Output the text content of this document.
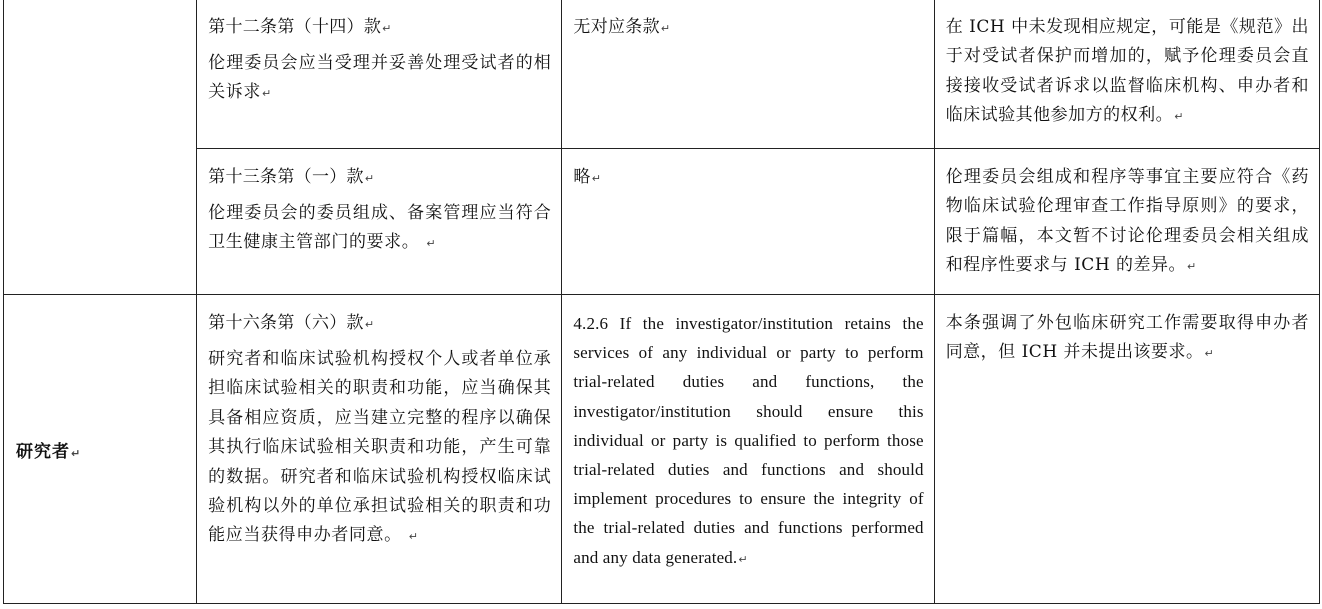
	第十二条第（十四）款↵

伦理委员会应当受理并妥善处理受试者的相关诉求↵	无对应条款↵	在 ICH 中未发现相应规定，可能是《规范》出于对受试者保护而增加的，赋予伦理委员会直接接收受试者诉求以监督临床机构、申办者和临床试验其他参加方的权利。↵

	第十三条第（一）款↵

伦理委员会的委员组成、备案管理应当符合卫生健康主管部门的要求。 ↵	略↵	伦理委员会组成和程序等事宜主要应符合《药物临床试验伦理审查工作指导原则》的要求，限于篇幅，本文暂不讨论伦理委员会相关组成和程序性要求与 ICH 的差异。↵

研究者↵	第十六条第（六）款↵

研究者和临床试验机构授权个人或者单位承担临床试验相关的职责和功能，应当确保其具备相应资质，应当建立完整的程序以确保其执行临床试验相关职责和功能，产生可靠的数据。研究者和临床试验机构授权临床试验机构以外的单位承担试验相关的职责和功能应当获得申办者同意。 ↵	4.2.6 If the investigator/institution retains the services of any individual or party to perform trial-related duties and functions, the investigator/institution should ensure this individual or party is qualified to perform those trial-related duties and functions and should implement procedures to ensure the integrity of the trial-related duties and functions performed and any data generated.↵	本条强调了外包临床研究工作需要取得申办者同意，但 ICH 并未提出该要求。↵
